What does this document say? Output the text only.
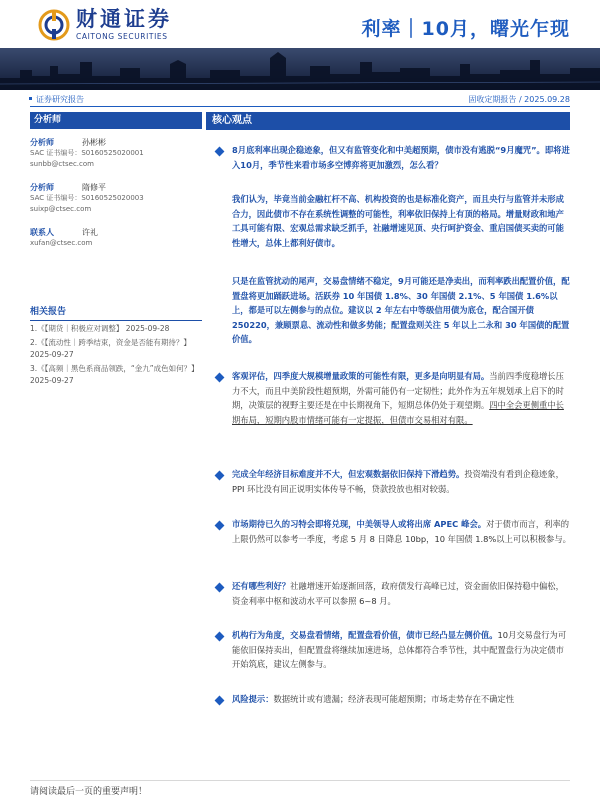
财通证券
CAITONG SECURITIES	利率｜10月，曙光乍现
证券研究报告	固收定期报告 / 2025.09.28
分析师
分析师	孙彬彬
SAC 证书编号：S0160525020001
sunbb@ctsec.com
分析师	隋修平
SAC 证书编号：S0160525020003
suixp@ctsec.com
联系人	许礼
xufan@ctsec.com
相关报告
1.《【期货｜积极应对调整】 2025-09-28
2.《【流动性｜跨季结束，资金是否能有期待？】 2025-09-27
3.《【高频｜黑色系商品领跌，“金九”成色如何？】 2025-09-27
核心观点
8月底利率出现企稳迹象，但又有监管变化和中美超预期，债市没有逃脱“9月魔咒”。即将进入10月，季节性来看市场多空博弈将更加激烈，怎么看？
我们认为，毕竟当前金融杠杆不高、机构投资的也是标准化资产，而且央行与监管并未形成合力，因此债市不存在系统性调整的可能性，利率依旧保持上有顶的格局。增量财政和地产工具可能有限、宏观总需求缺乏抓手，社融增速见顶、央行呵护资金、重启国债买卖的可能性增大，总体上都利好债市。
只是在监管扰动的尾声，交易盘情绪不稳定，9月可能还是净卖出，而利率跌出配置价值，配置盘将更加踊跃进场。活跃券 10 年国债 1.8%、30 年国债 2.1%、5 年国债 1.6%以上，都是可以左侧参与的点位。建议以 2 年左右中等级信用债为底仓，配合国开债 250220，兼顾票息、流动性和做多势能；配置盘则关注 5 年以上二永和 30 年国债的配置价值。
客观评估，四季度大规模增量政策的可能性有限，更多是向明显有局。当前四季度稳增长压力不大，而且中美阶段性超预期，外需可能仍有一定韧性；此外作为五年规划承上启下的时期，决策层的视野主要还是在中长期视角下，短期总体仍处于观望期。四中全会更侧重中长期布局，短期内股市情绪可能有一定提振，但债市交易相对有限。
完成全年经济目标难度并不大，但宏观数据依旧保持下滑趋势。投资端没有看到企稳迹象，PPI 环比没有回正说明实体传导不畅，贷款投放也相对较弱。
市场期待已久的习特会即将兑现，中美领导人或将出席 APEC 峰会。对于债市而言，利率的上限仍然可以参考一季度，考虑 5 月 8 日降息 10bp，10 年国债 1.8%以上可以积极参与。
还有哪些利好？社融增速开始逐渐回落，政府债发行高峰已过，资金面依旧保持稳中偏松，资金利率中枢和波动水平可以参照 6~8 月。
机构行为角度，交易盘看情绪，配置盘看价值，债市已经凸显左侧价值。10月交易盘行为可能依旧保持卖出，但配置盘将继续加速进场，总体都符合季节性，其中配置盘行为决定债市开始筑底，建议左侧参与。
风险提示：数据统计或有遗漏；经济表现可能超预期；市场走势存在不确定性
请阅读最后一页的重要声明！
